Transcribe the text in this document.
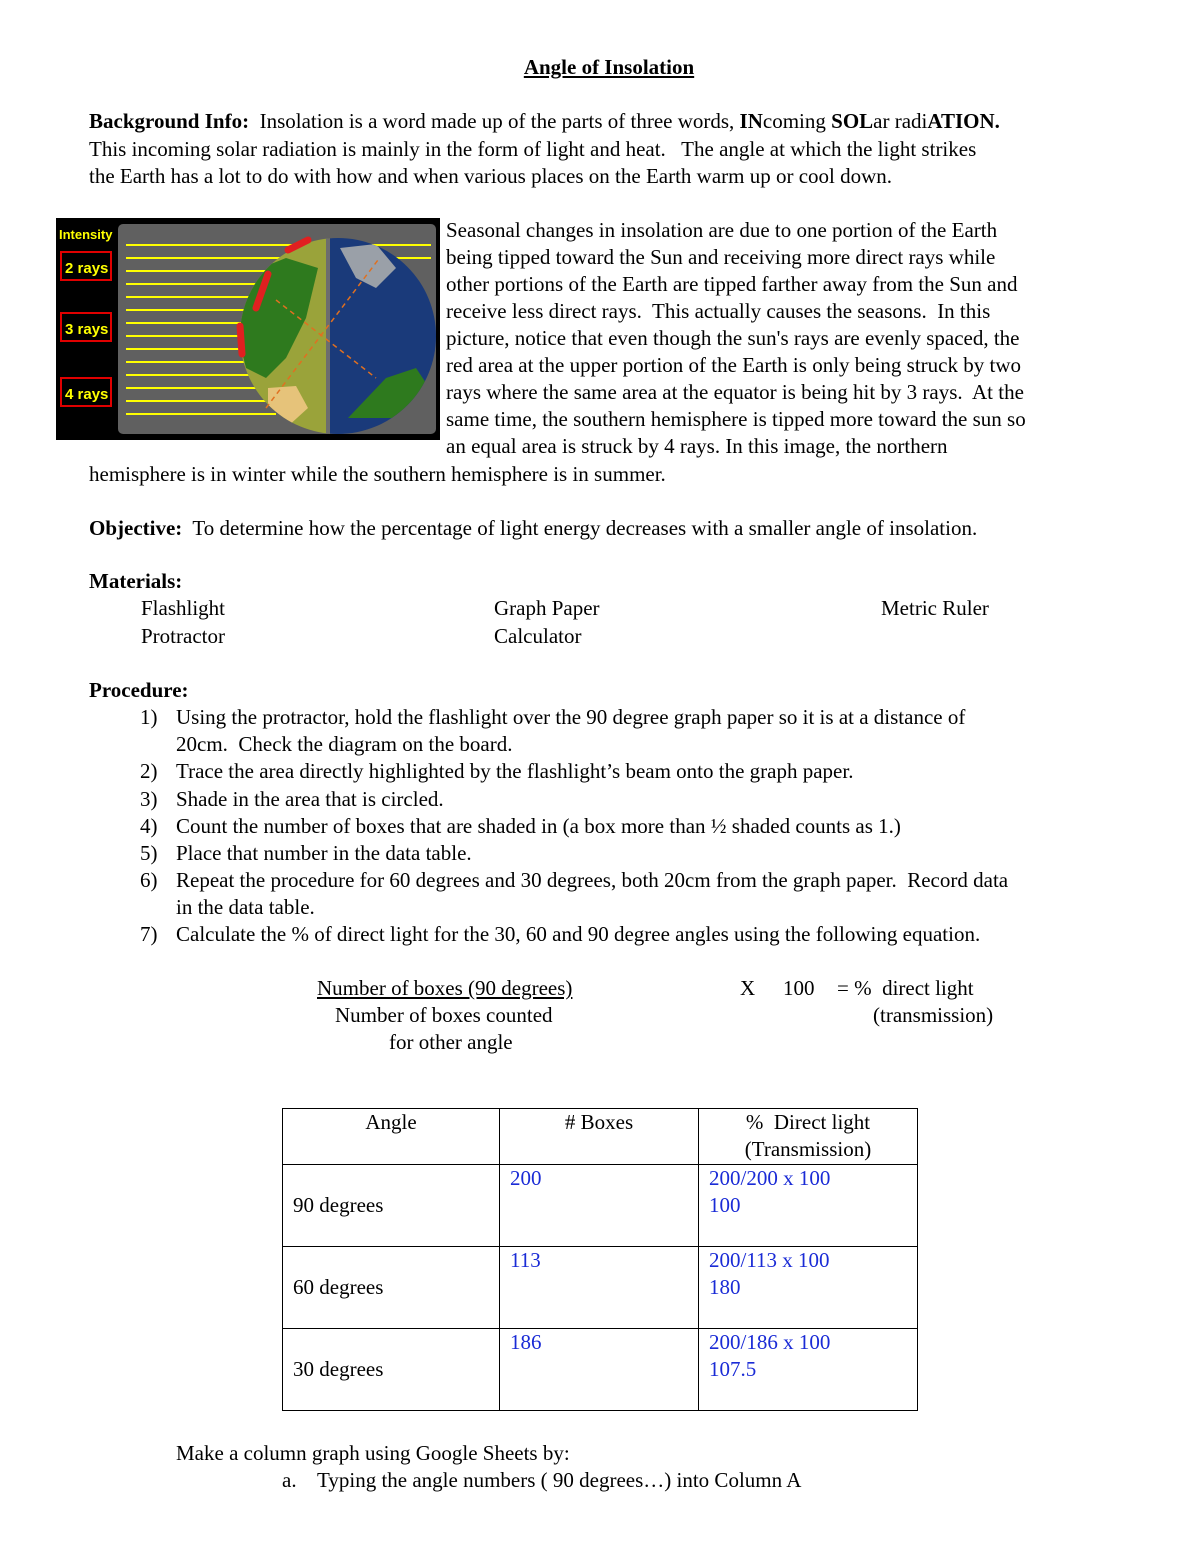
Angle of Insolation
Background Info: Insolation is a word made up of the parts of three words, INcoming SOLar radiATION.
This incoming solar radiation is mainly in the form of light and heat.   The angle at which the light strikes
the Earth has a lot to do with how and when various places on the Earth warm up or cool down.
Intensity
2 rays
3 rays
4 rays
Seasonal changes in insolation are due to one portion of the Earth
being tipped toward the Sun and receiving more direct rays while
other portions of the Earth are tipped farther away from the Sun and
receive less direct rays.  This actually causes the seasons.  In this
picture, notice that even though the sun's rays are evenly spaced, the
red area at the upper portion of the Earth is only being struck by two
rays where the same area at the equator is being hit by 3 rays.  At the
same time, the southern hemisphere is tipped more toward the sun so
an equal area is struck by 4 rays. In this image, the northern
hemisphere is in winter while the southern hemisphere is in summer.
Objective: To determine how the percentage of light energy decreases with a smaller angle of insolation.
Materials:
Flashlight	Graph Paper	Metric Ruler
Protractor	Calculator
Procedure:
1) Using the protractor, hold the flashlight over the 90 degree graph paper so it is at a distance of
20cm.  Check the diagram on the board.
2) Trace the area directly highlighted by the flashlight’s beam onto the graph paper.
3) Shade in the area that is circled.
4) Count the number of boxes that are shaded in (a box more than ½ shaded counts as 1.)
5) Place that number in the data table.
6) Repeat the procedure for 60 degrees and 30 degrees, both 20cm from the graph paper.  Record data
in the data table.
7) Calculate the % of direct light for the 30, 60 and 90 degree angles using the following equation.
Number of boxes (90 degrees)
Number of boxes counted
for other angle
X 100 = %  direct light
(transmission)
Angle	# Boxes	%  Direct light
(Transmission)

90 degrees	200	200/200 x 100
100

60 degrees	113	200/113 x 100
180

30 degrees	186	200/186 x 100
107.5
Make a column graph using Google Sheets by:
a. Typing the angle numbers ( 90 degrees…) into Column A
